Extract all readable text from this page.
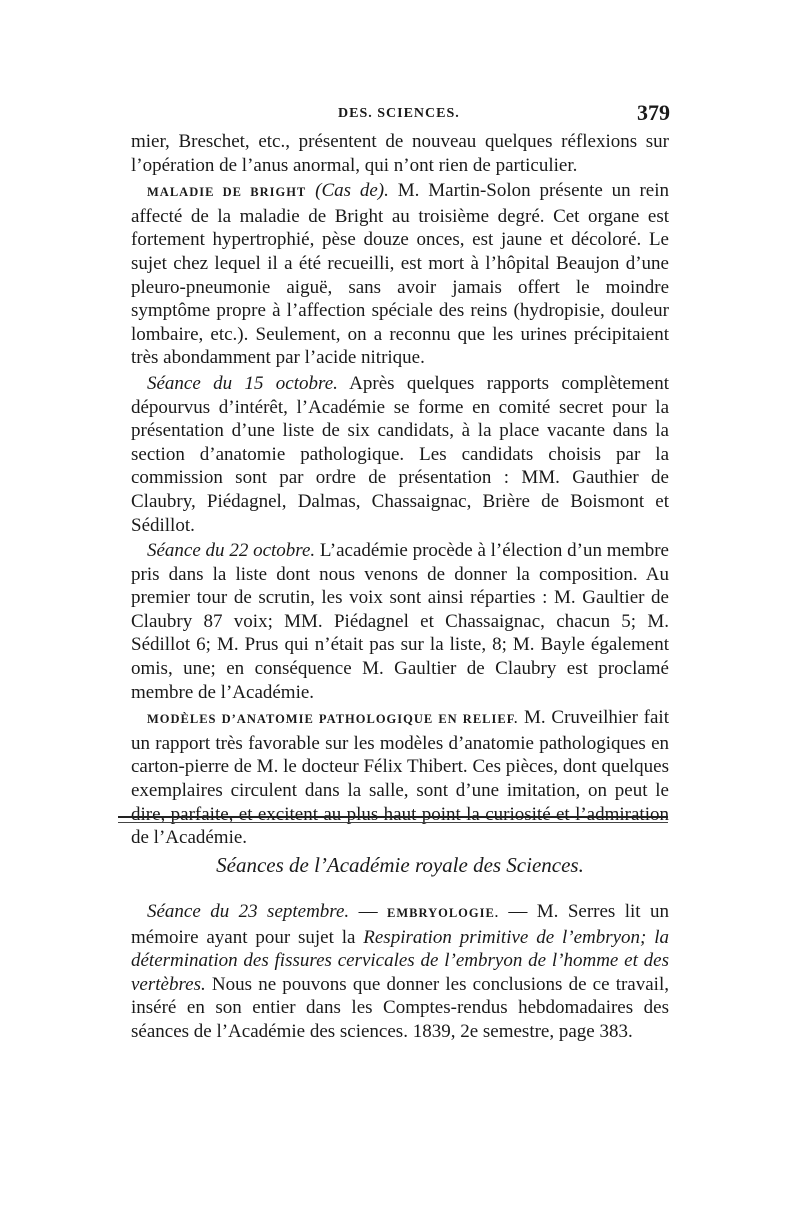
DES. SCIENCES.	379

mier, Breschet, etc., présentent de nouveau quelques réflexions sur l’opération de l’anus anormal, qui n’ont rien de particulier.

MALADIE DE BRIGHT (Cas de). M. Martin-Solon présente un rein affecté de la maladie de Bright au troisième degré. Cet organe est fortement hypertrophié, pèse douze onces, est jaune et décoloré. Le sujet chez lequel il a été recueilli, est mort à l’hôpital Beaujon d’une pleuro-pneumonie aiguë, sans avoir jamais offert le moindre symptôme propre à l’affection spéciale des reins (hydropisie, douleur lombaire, etc.). Seulement, on a reconnu que les urines précipitaient très abondamment par l’acide nitrique.

Séance du 15 octobre. Après quelques rapports complètement dépourvus d’intérêt, l’Académie se forme en comité secret pour la présentation d’une liste de six candidats, à la place vacante dans la section d’anatomie pathologique. Les candidats choisis par la commission sont par ordre de présentation : MM. Gauthier de Claubry, Piédagnel, Dalmas, Chassaignac, Brière de Boismont et Sédillot.

Séance du 22 octobre. L’académie procède à l’élection d’un membre pris dans la liste dont nous venons de donner la composition. Au premier tour de scrutin, les voix sont ainsi réparties : M. Gaultier de Claubry 87 voix; MM. Piédagnel et Chassaignac, chacun 5; M. Sédillot 6; M. Prus qui n’était pas sur la liste, 8; M. Bayle également omis, une; en conséquence M. Gaultier de Claubry est proclamé membre de l’Académie.

MODÈLES D’ANATOMIE PATHOLOGIQUE EN RELIEF. M. Cruveilhier fait un rapport très favorable sur les modèles d’anatomie pathologiques en carton-pierre de M. le docteur Félix Thibert. Ces pièces, dont quelques exemplaires circulent dans la salle, sont d’une imitation, on peut le dire, parfaite, et excitent au plus haut point la curiosité et l’admiration de l’Académie.

Séances de l’Académie royale des Sciences.

Séance du 23 septembre. — EMBRYOLOGIE. — M. Serres lit un mémoire ayant pour sujet la Respiration primitive de l’embryon; la détermination des fissures cervicales de l’embryon de l’homme et des vertèbres. Nous ne pouvons que donner les conclusions de ce travail, inséré en son entier dans les Comptes-rendus hebdomadaires des séances de l’Académie des sciences. 1839, 2e semestre, page 383.
